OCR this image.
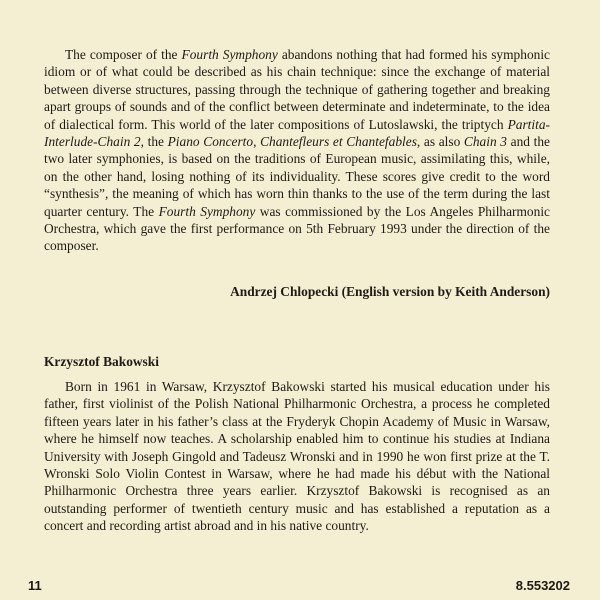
The composer of the Fourth Symphony abandons nothing that had formed his symphonic idiom or of what could be described as his chain technique: since the exchange of material between diverse structures, passing through the technique of gathering together and breaking apart groups of sounds and of the conflict between determinate and indeterminate, to the idea of dialectical form. This world of the later compositions of Lutoslawski, the triptych Partita-Interlude-Chain 2, the Piano Concerto, Chantefleurs et Chantefables, as also Chain 3 and the two later symphonies, is based on the traditions of European music, assimilating this, while, on the other hand, losing nothing of its individuality. These scores give credit to the word “synthesis”, the meaning of which has worn thin thanks to the use of the term during the last quarter century. The Fourth Symphony was commissioned by the Los Angeles Philharmonic Orchestra, which gave the first performance on 5th February 1993 under the direction of the composer.

Andrzej Chlopecki (English version by Keith Anderson)

Krzysztof Bakowski

Born in 1961 in Warsaw, Krzysztof Bakowski started his musical education under his father, first violinist of the Polish National Philharmonic Orchestra, a process he completed fifteen years later in his father’s class at the Fryderyk Chopin Academy of Music in Warsaw, where he himself now teaches. A scholarship enabled him to continue his studies at Indiana University with Joseph Gingold and Tadeusz Wronski and in 1990 he won first prize at the T. Wronski Solo Violin Contest in Warsaw, where he had made his début with the National Philharmonic Orchestra three years earlier. Krzysztof Bakowski is recognised as an outstanding performer of twentieth century music and has established a reputation as a concert and recording artist abroad and in his native country.

11	8.553202
